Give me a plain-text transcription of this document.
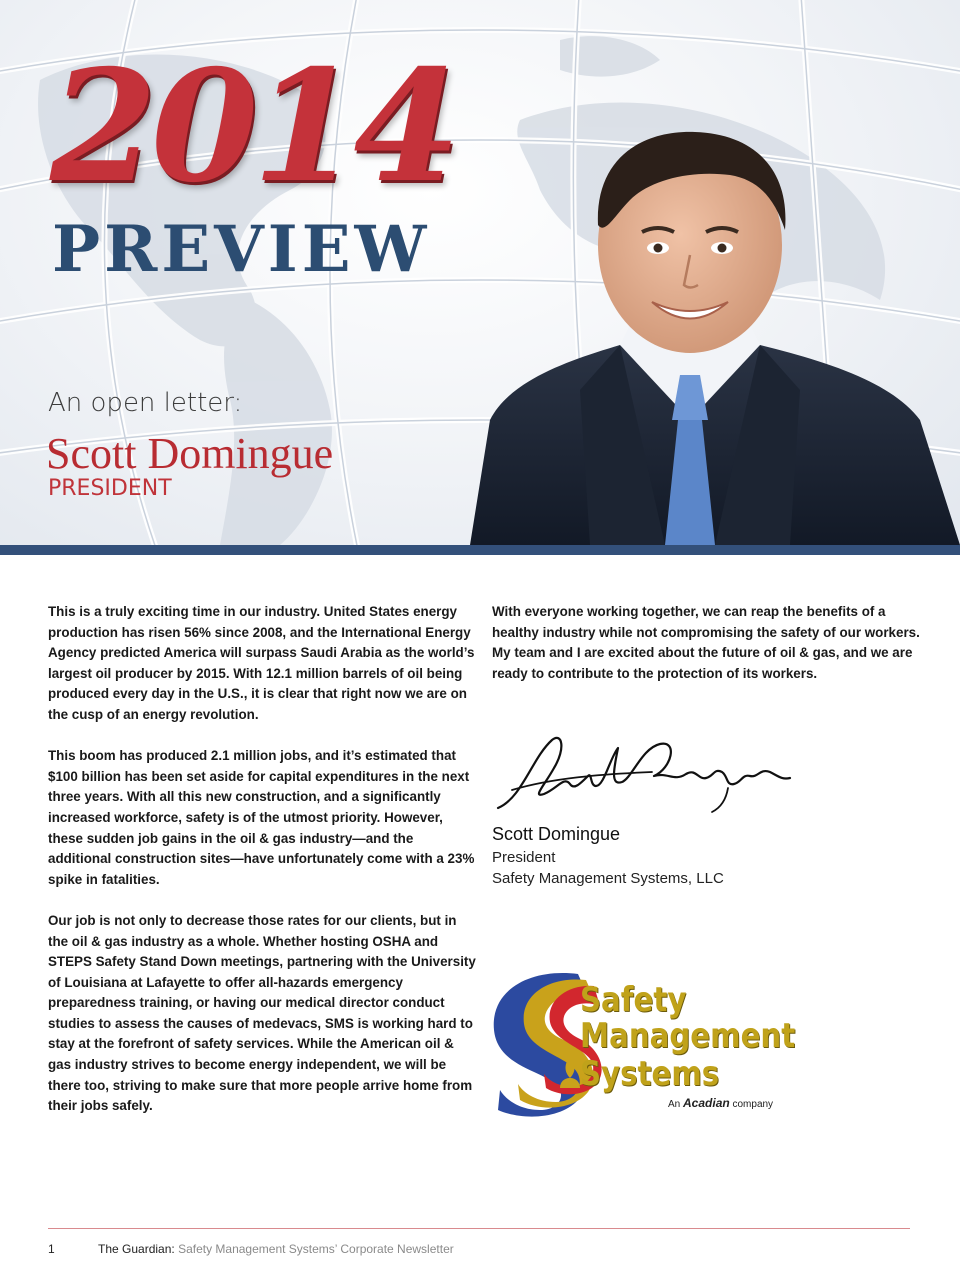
2014
PREVIEW
An open letter:
Scott Domingue
PRESIDENT

This is a truly exciting time in our industry. United States energy production has risen 56% since 2008, and the International Energy Agency predicted America will surpass Saudi Arabia as the world’s largest oil producer by 2015. With 12.1 million barrels of oil being produced every day in the U.S., it is clear that right now we are on the cusp of an energy revolution.

This boom has produced 2.1 million jobs, and it’s estimated that $100 billion has been set aside for capital expenditures in the next three years. With all this new construction, and a significantly increased workforce, safety is of the utmost priority. However, these sudden job gains in the oil & gas industry—and the additional construction sites—have unfortunately come with a 23% spike in fatalities.

Our job is not only to decrease those rates for our clients, but in the oil & gas industry as a whole. Whether hosting OSHA and STEPS Safety Stand Down meetings, partnering with the University of Louisiana at Lafayette to offer all-hazards emergency preparedness training, or having our medical director conduct studies to assess the causes of medevacs, SMS is working hard to stay at the forefront of safety services. While the American oil & gas industry strives to become energy independent, we will be there too, striving to make sure that more people arrive home from their jobs safely.

With everyone working together, we can reap the benefits of a healthy industry while not compromising the safety of our workers. My team and I are excited about the future of oil & gas, and we are ready to contribute to the protection of its workers.

Scott Domingue
President
Safety Management Systems, LLC
Safety
Management
Systems
An Acadian company
1	The Guardian: Safety Management Systems’ Corporate Newsletter
